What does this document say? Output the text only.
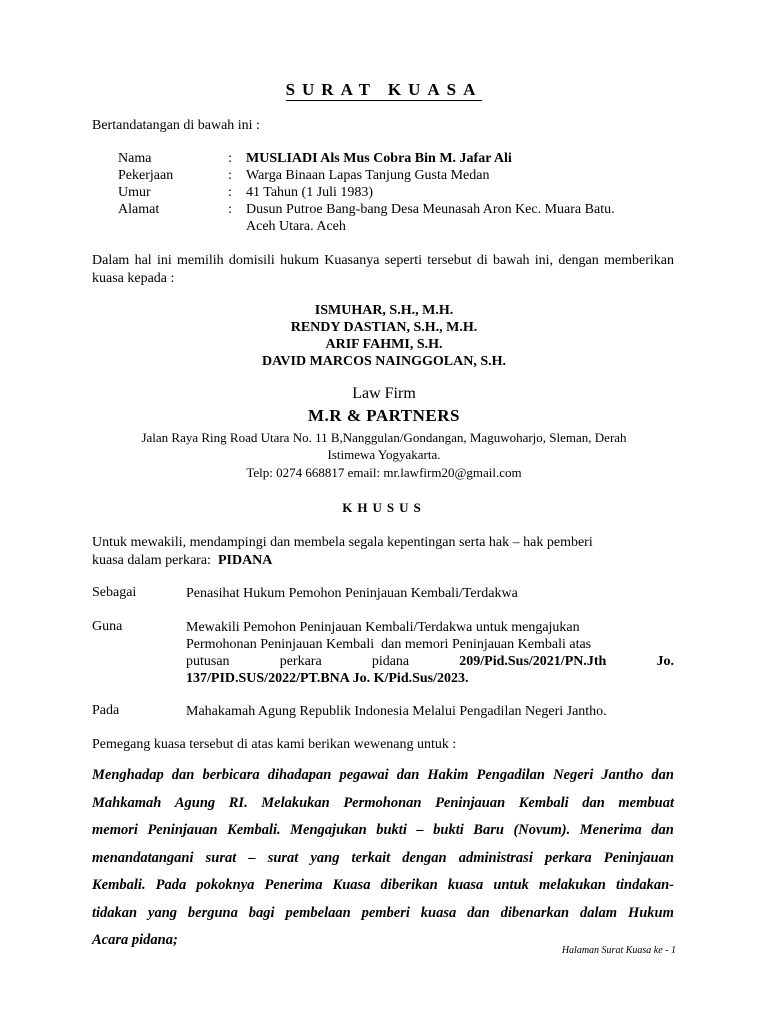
SURAT KUASA
Bertandatangan di bawah ini :
Nama	: MUSLIADI Als Mus Cobra Bin M. Jafar Ali
Pekerjaan	: Warga Binaan Lapas Tanjung Gusta Medan
Umur	: 41 Tahun (1 Juli 1983)
Alamat	: Dusun Putroe Bang-bang Desa Meunasah Aron Kec. Muara Batu.
Aceh Utara. Aceh
Dalam hal ini memilih domisili hukum Kuasanya seperti tersebut di bawah ini, dengan memberikan kuasa kepada :
ISMUHAR, S.H., M.H.
RENDY DASTIAN, S.H., M.H.
ARIF FAHMI, S.H.
DAVID MARCOS NAINGGOLAN, S.H.
Law Firm
M.R & PARTNERS
Jalan Raya Ring Road Utara No. 11 B,Nanggulan/Gondangan, Maguwoharjo, Sleman, Derah
Istimewa Yogyakarta.
Telp: 0274 668817 email: mr.lawfirm20@gmail.com
KHUSUS
Untuk mewakili, mendampingi dan membela segala kepentingan serta hak – hak pemberi
kuasa dalam perkara: PIDANA
Sebagai	Penasihat Hukum Pemohon Peninjauan Kembali/Terdakwa
Guna	Mewakili Pemohon Peninjauan Kembali/Terdakwa untuk mengajukan
Permohonan Peninjauan Kembali  dan memori Peninjauan Kembali atas
putusan	perkara	pidana	209/Pid.Sus/2021/PN.Jth	Jo.
137/PID.SUS/2022/PT.BNA Jo. K/Pid.Sus/2023.
Pada	Mahakamah Agung Republik Indonesia Melalui Pengadilan Negeri Jantho.
Pemegang kuasa tersebut di atas kami berikan wewenang untuk :
Menghadap dan berbicara dihadapan pegawai dan Hakim Pengadilan Negeri Jantho dan
Mahkamah Agung RI. Melakukan Permohonan Peninjauan Kembali dan membuat
memori Peninjauan Kembali. Mengajukan bukti – bukti Baru (Novum). Menerima dan
menandatangani surat – surat yang terkait dengan administrasi perkara Peninjauan
Kembali. Pada pokoknya Penerima Kuasa diberikan kuasa untuk melakukan tindakan-
tidakan yang berguna bagi pembelaan pemberi kuasa dan dibenarkan dalam Hukum
Acara pidana;
Halaman Surat Kuasa ke - 1
